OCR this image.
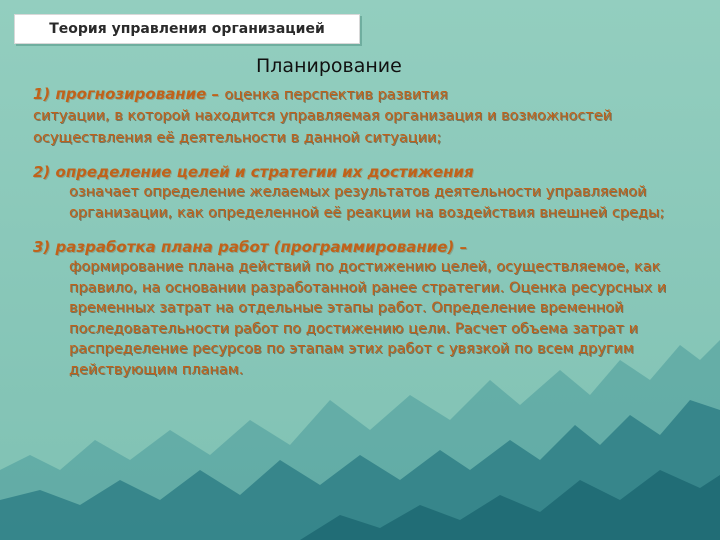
Теория управления организацией
Планирование
1) прогнозирование – оценка перспектив развития
ситуации, в которой находится управляемая организация и возможностей осуществления её деятельности в данной ситуации;
2) определение целей и стратегии их достижения
означает определение желаемых результатов деятельности управляемой организации, как определенной её реакции на воздействия внешней среды;
3) разработка плана работ (программирование) –
формирование плана действий по достижению целей, осуществляемое, как правило, на основании разработанной ранее стратегии. Оценка ресурсных и временных затрат на отдельные этапы работ. Определение временной последовательности работ по достижению цели. Расчет объема затрат и распределение ресурсов по этапам этих работ с увязкой по всем другим действующим планам.
